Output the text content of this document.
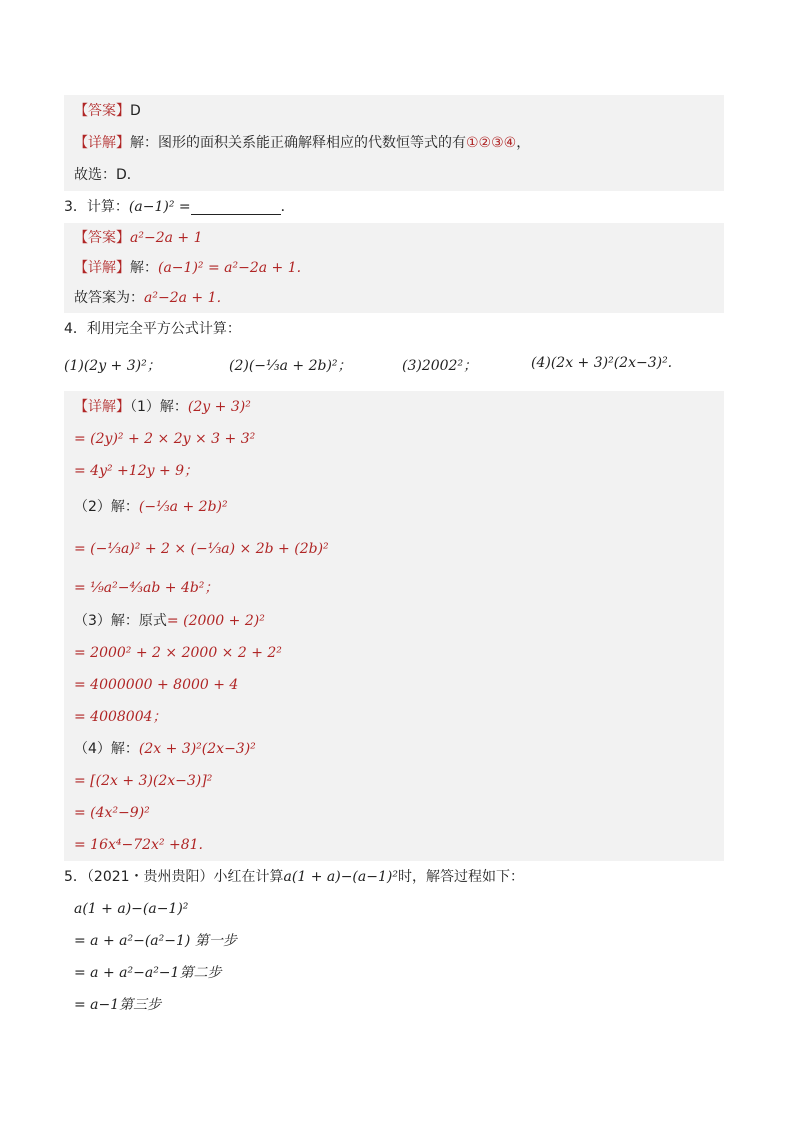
【答案】D
【详解】解：图形的面积关系能正确解释相应的代数恒等式的有①②③④，
故选：D．
3．计算：(a−1)² =	．
【答案】a²−2a + 1
【详解】解：(a−1)² = a²−2a + 1.
故答案为：a²−2a + 1．
4．利用完全平方公式计算：
(1)(2y + 3)²；	(2)(−⅓a + 2b)²；	(3)2002²；	(4)(2x + 3)²(2x−3)².
【详解】（1）解：(2y + 3)²
= (2y)² + 2 × 2y × 3 + 3²
= 4y² +12y + 9；
（2）解：(−⅓a + 2b)²
= (−⅓a)² + 2 × (−⅓a) × 2b + (2b)²
= ⅑a²−⁴⁄₃ab + 4b²；
（3）解：原式= (2000 + 2)²
= 2000² + 2 × 2000 × 2 + 2²
= 4000000 + 8000 + 4
= 4008004；
（4）解：(2x + 3)²(2x−3)²
= [(2x + 3)(2x−3)]²
= (4x²−9)²
= 16x⁴−72x² +81.
5．（2021・贵州贵阳）小红在计算a(1 + a)−(a−1)²时，解答过程如下：
a(1 + a)−(a−1)²
= a + a²−(a²−1) 第一步
= a + a²−a²−1第二步
= a−1第三步
